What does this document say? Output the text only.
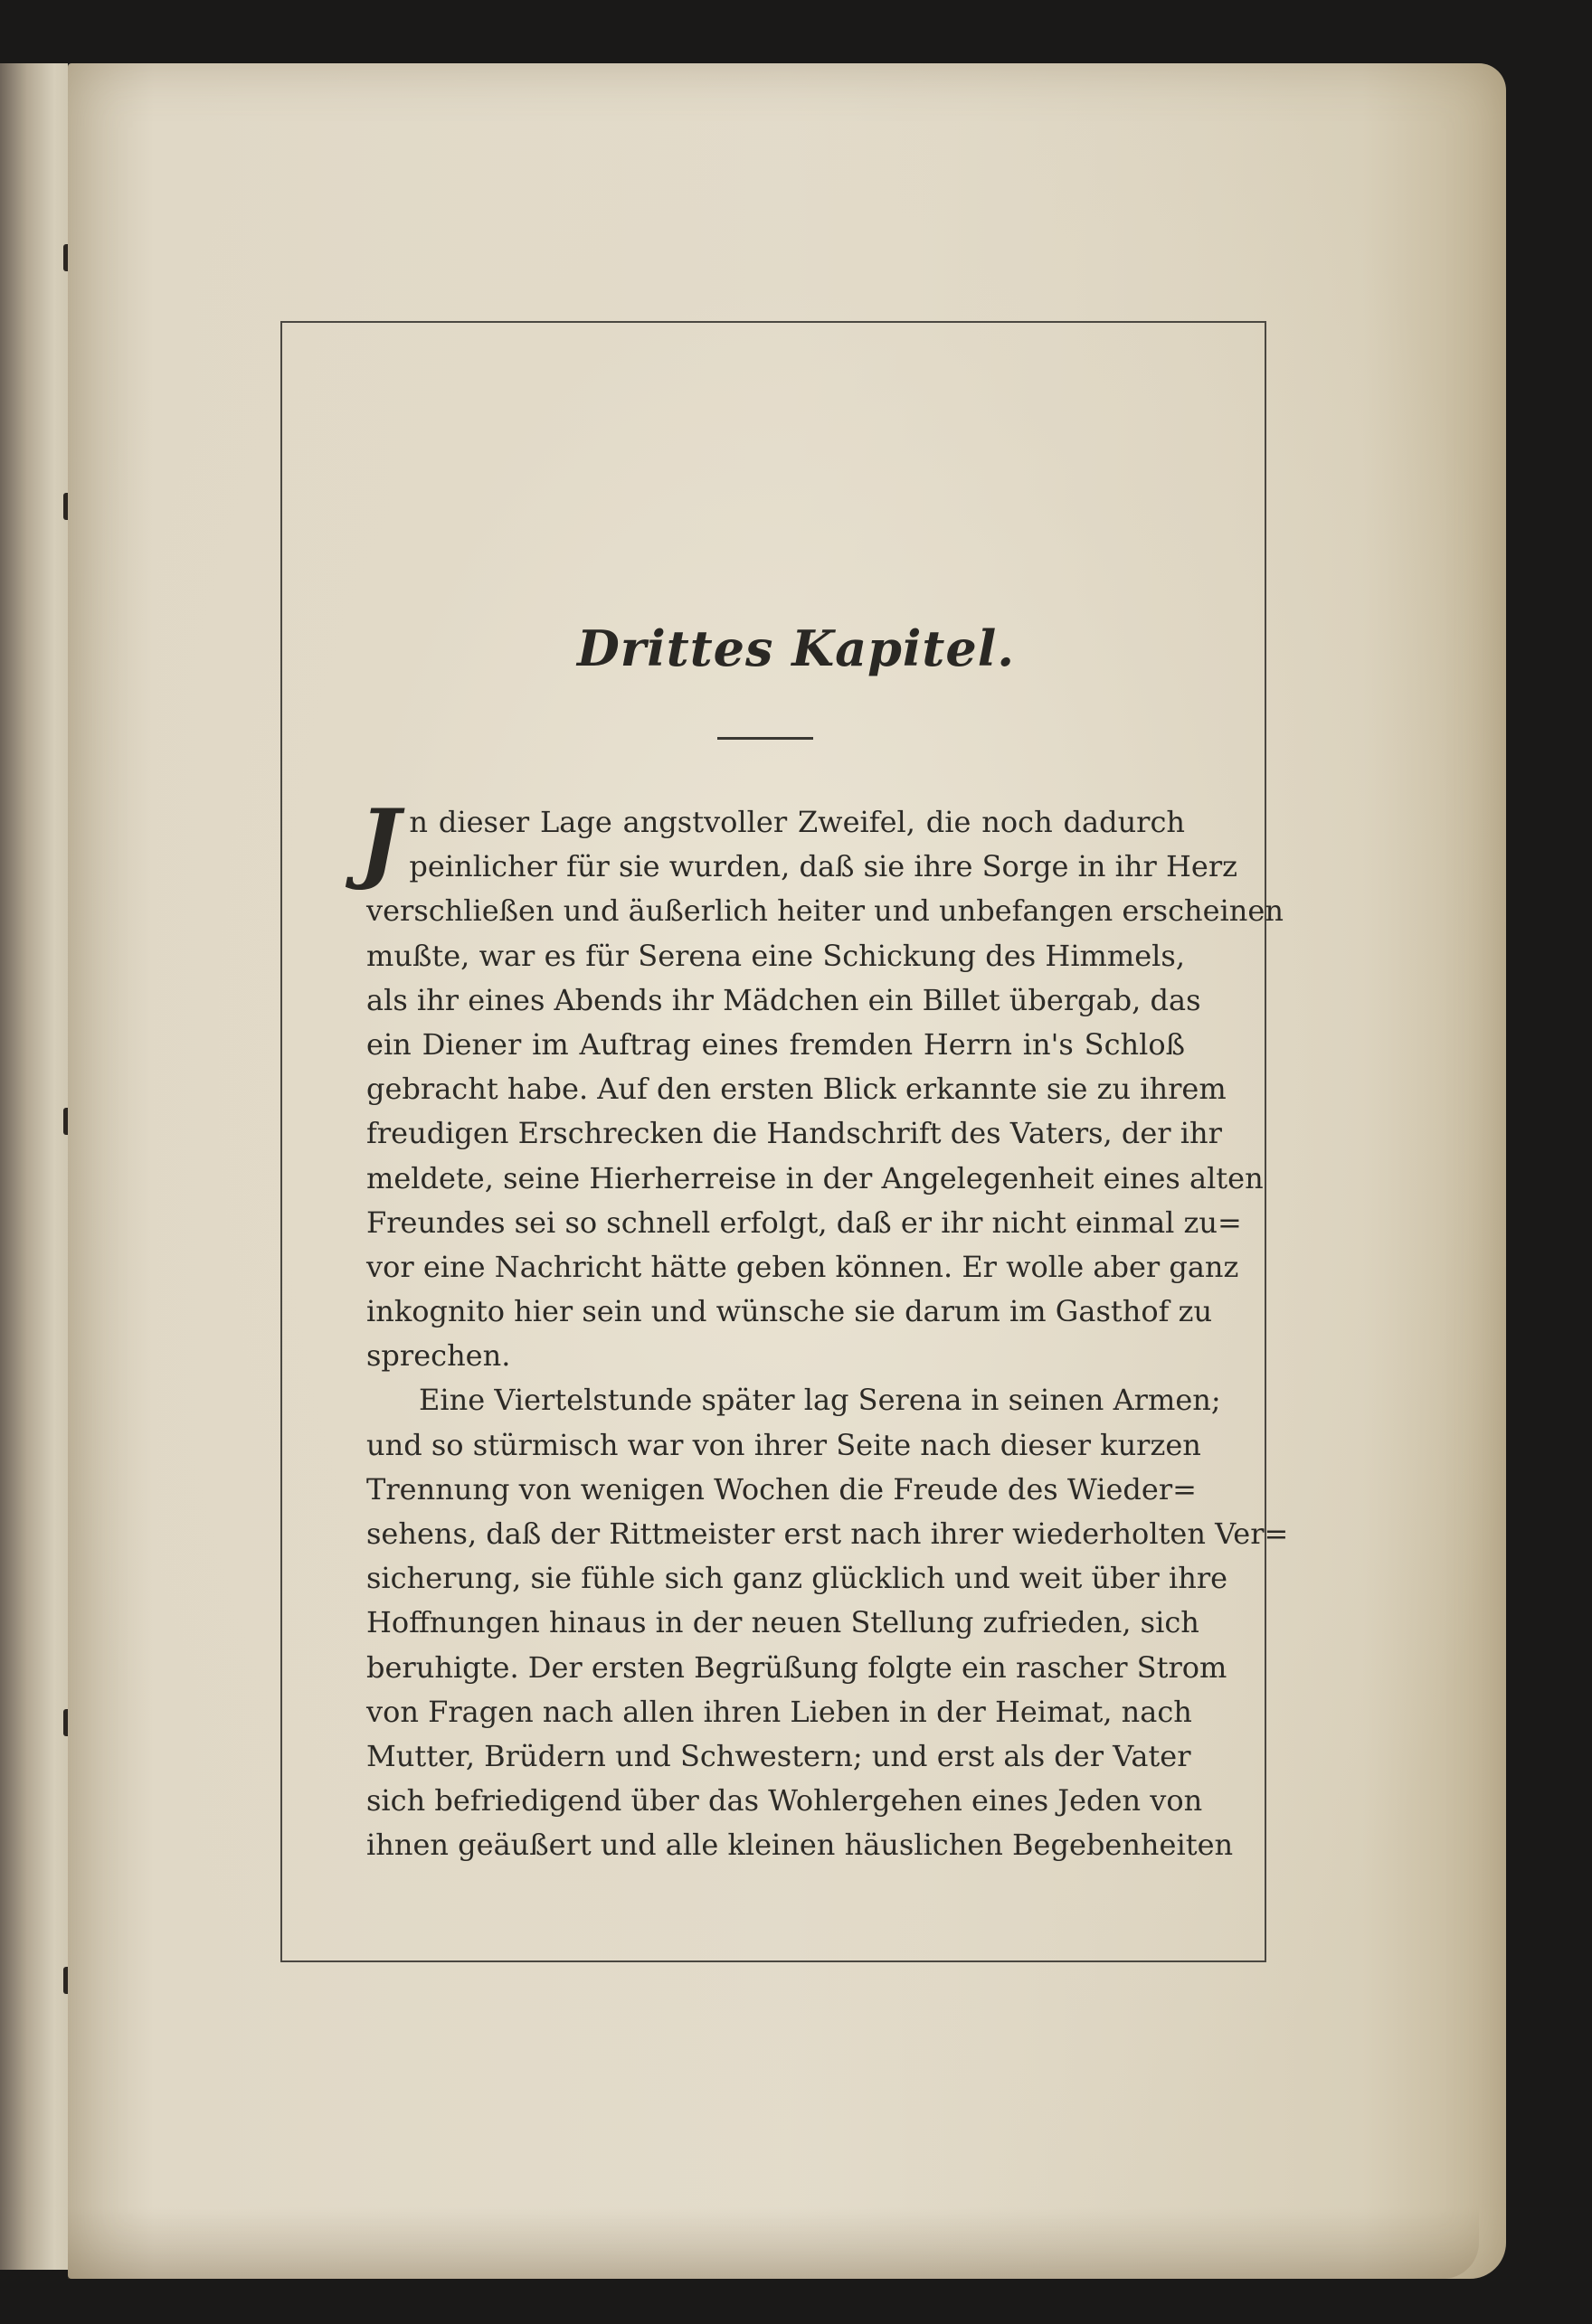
Drittes Kapitel.
J n dieser Lage angstvoller Zweifel, die noch dadurch
peinlicher für sie wurden, daß sie ihre Sorge in ihr Herz
verschließen und äußerlich heiter und unbefangen erscheinen
mußte, war es für Serena eine Schickung des Himmels,
als ihr eines Abends ihr Mädchen ein Billet übergab, das
ein Diener im Auftrag eines fremden Herrn in's Schloß
gebracht habe. Auf den ersten Blick erkannte sie zu ihrem
freudigen Erschrecken die Handschrift des Vaters, der ihr
meldete, seine Hierherreise in der Angelegenheit eines alten
Freundes sei so schnell erfolgt, daß er ihr nicht einmal zu=
vor eine Nachricht hätte geben können. Er wolle aber ganz
inkognito hier sein und wünsche sie darum im Gasthof zu
sprechen.
Eine Viertelstunde später lag Serena in seinen Armen;
und so stürmisch war von ihrer Seite nach dieser kurzen
Trennung von wenigen Wochen die Freude des Wieder=
sehens, daß der Rittmeister erst nach ihrer wiederholten Ver=
sicherung, sie fühle sich ganz glücklich und weit über ihre
Hoffnungen hinaus in der neuen Stellung zufrieden, sich
beruhigte. Der ersten Begrüßung folgte ein rascher Strom
von Fragen nach allen ihren Lieben in der Heimat, nach
Mutter, Brüdern und Schwestern; und erst als der Vater
sich befriedigend über das Wohlergehen eines Jeden von
ihnen geäußert und alle kleinen häuslichen Begebenheiten
